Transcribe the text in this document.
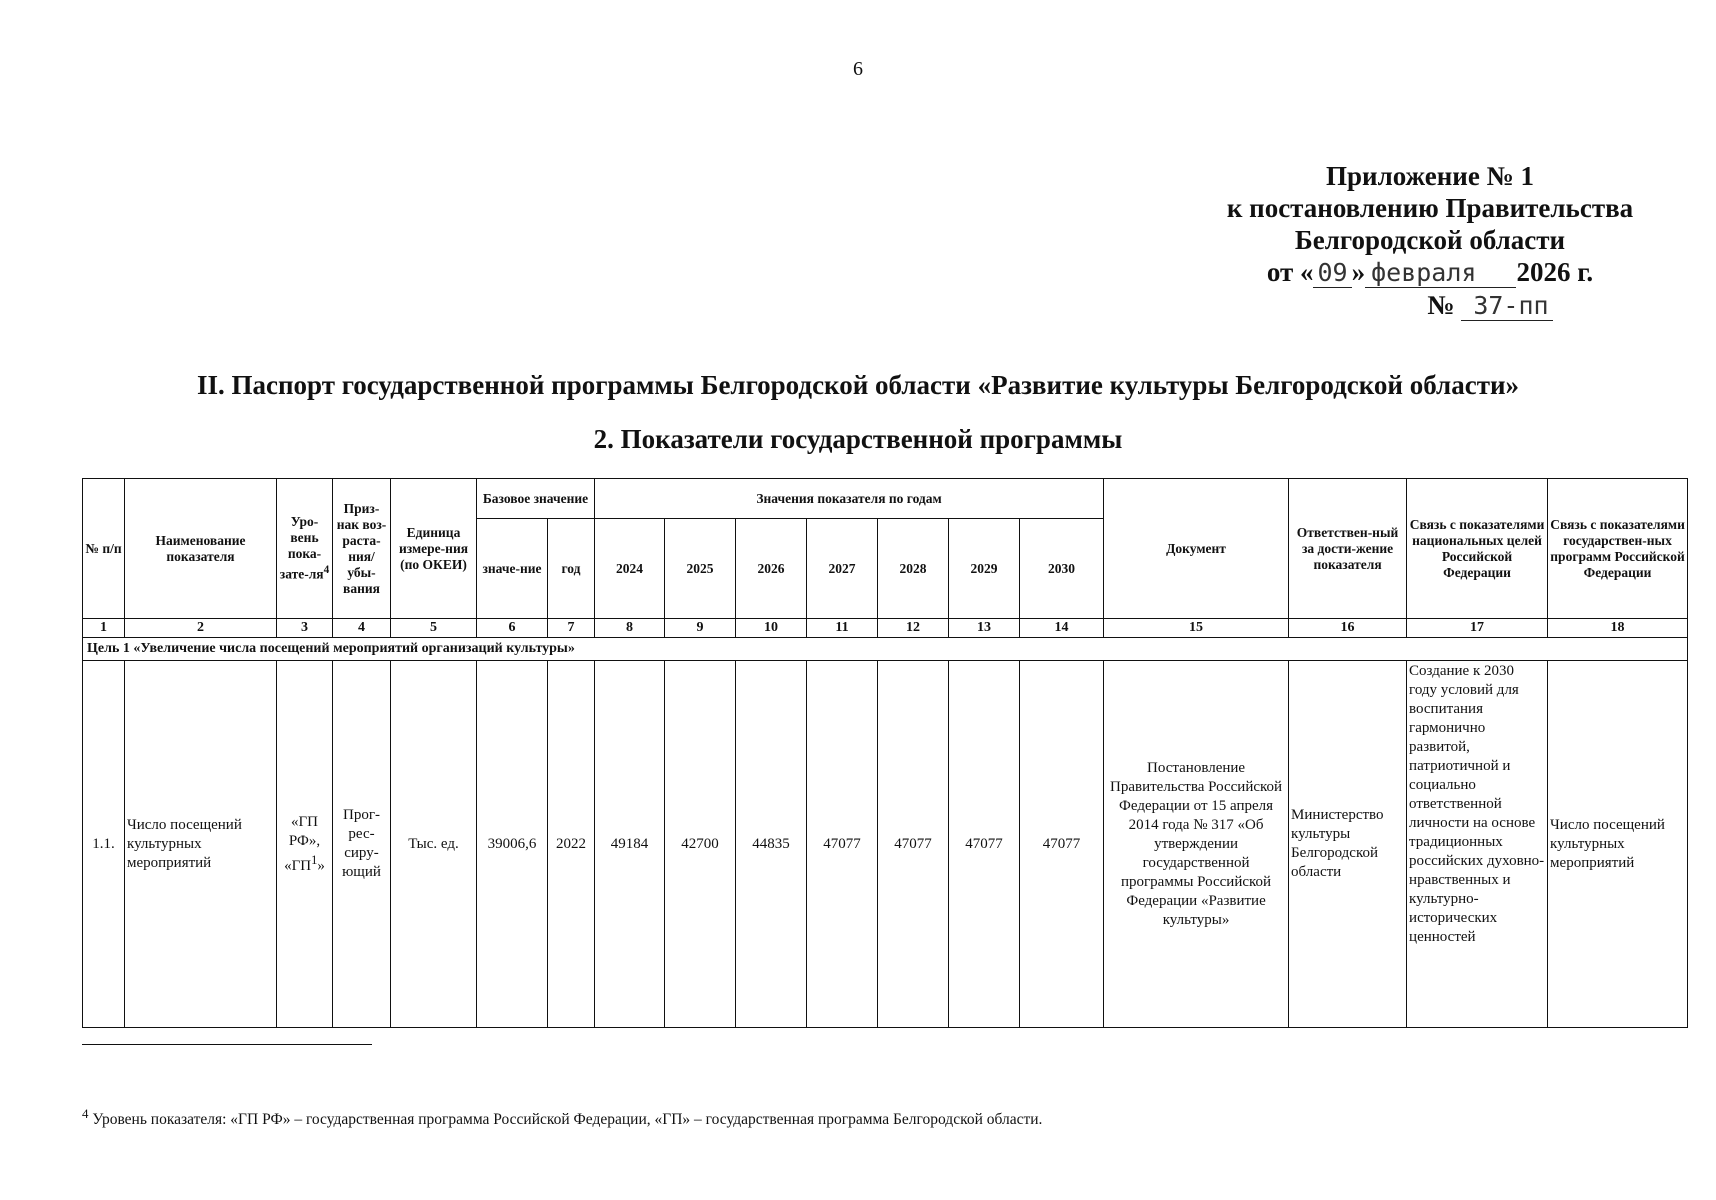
6
Приложение № 1
к постановлению Правительства
Белгородской области
от « 09 » февраля 2026 г.
№ 37-пп
II. Паспорт государственной программы Белгородской области «Развитие культуры Белгородской области»
2. Показатели государственной программы
№ п/п	Наименование показателя	Уро-вень пока-$зате-ля^4$	Приз-нак воз-раста-ния/ убы-вания	Единица измере-ния (по ОКЕИ)	Базовое значение		Значения показателя по годам							Документ	Ответствен-ный за дости-жение показателя	Связь с показателями национальных целей Российской Федерации	Связь с показателями государствен-ных программ Российской Федерации
					значе-ние	год	2024	2025	2026	2027	2028	2029	2030				
1	2	3	4	5	6	7	8	9	10	11	12	13	14	15	16	17	18
Цель 1 «Увеличение числа посещений мероприятий организаций культуры»																	
1.1.	Число посещений культурных мероприятий	«ГП РФ»,
«$ГП^1$»	Прог-рес-сиру-ющий	Тыс. ед.	39006,6	2022	49184	42700	44835	47077	47077	47077	47077	Постановление Правительства Российской Федерации от 15 апреля 2014 года № 317 «Об утверждении государственной программы Российской Федерации «Развитие культуры»	Министерство культуры Белгородской области	Создание к 2030 году условий для воспитания гармонично развитой, патриотичной и социально ответственной личности на основе традиционных российских духовно-нравственных и культурно-исторических ценностей	Число посещений культурных мероприятий
$^4$ Уровень показателя: «ГП РФ» – государственная программа Российской Федерации, «ГП» – государственная программа Белгородской области.
